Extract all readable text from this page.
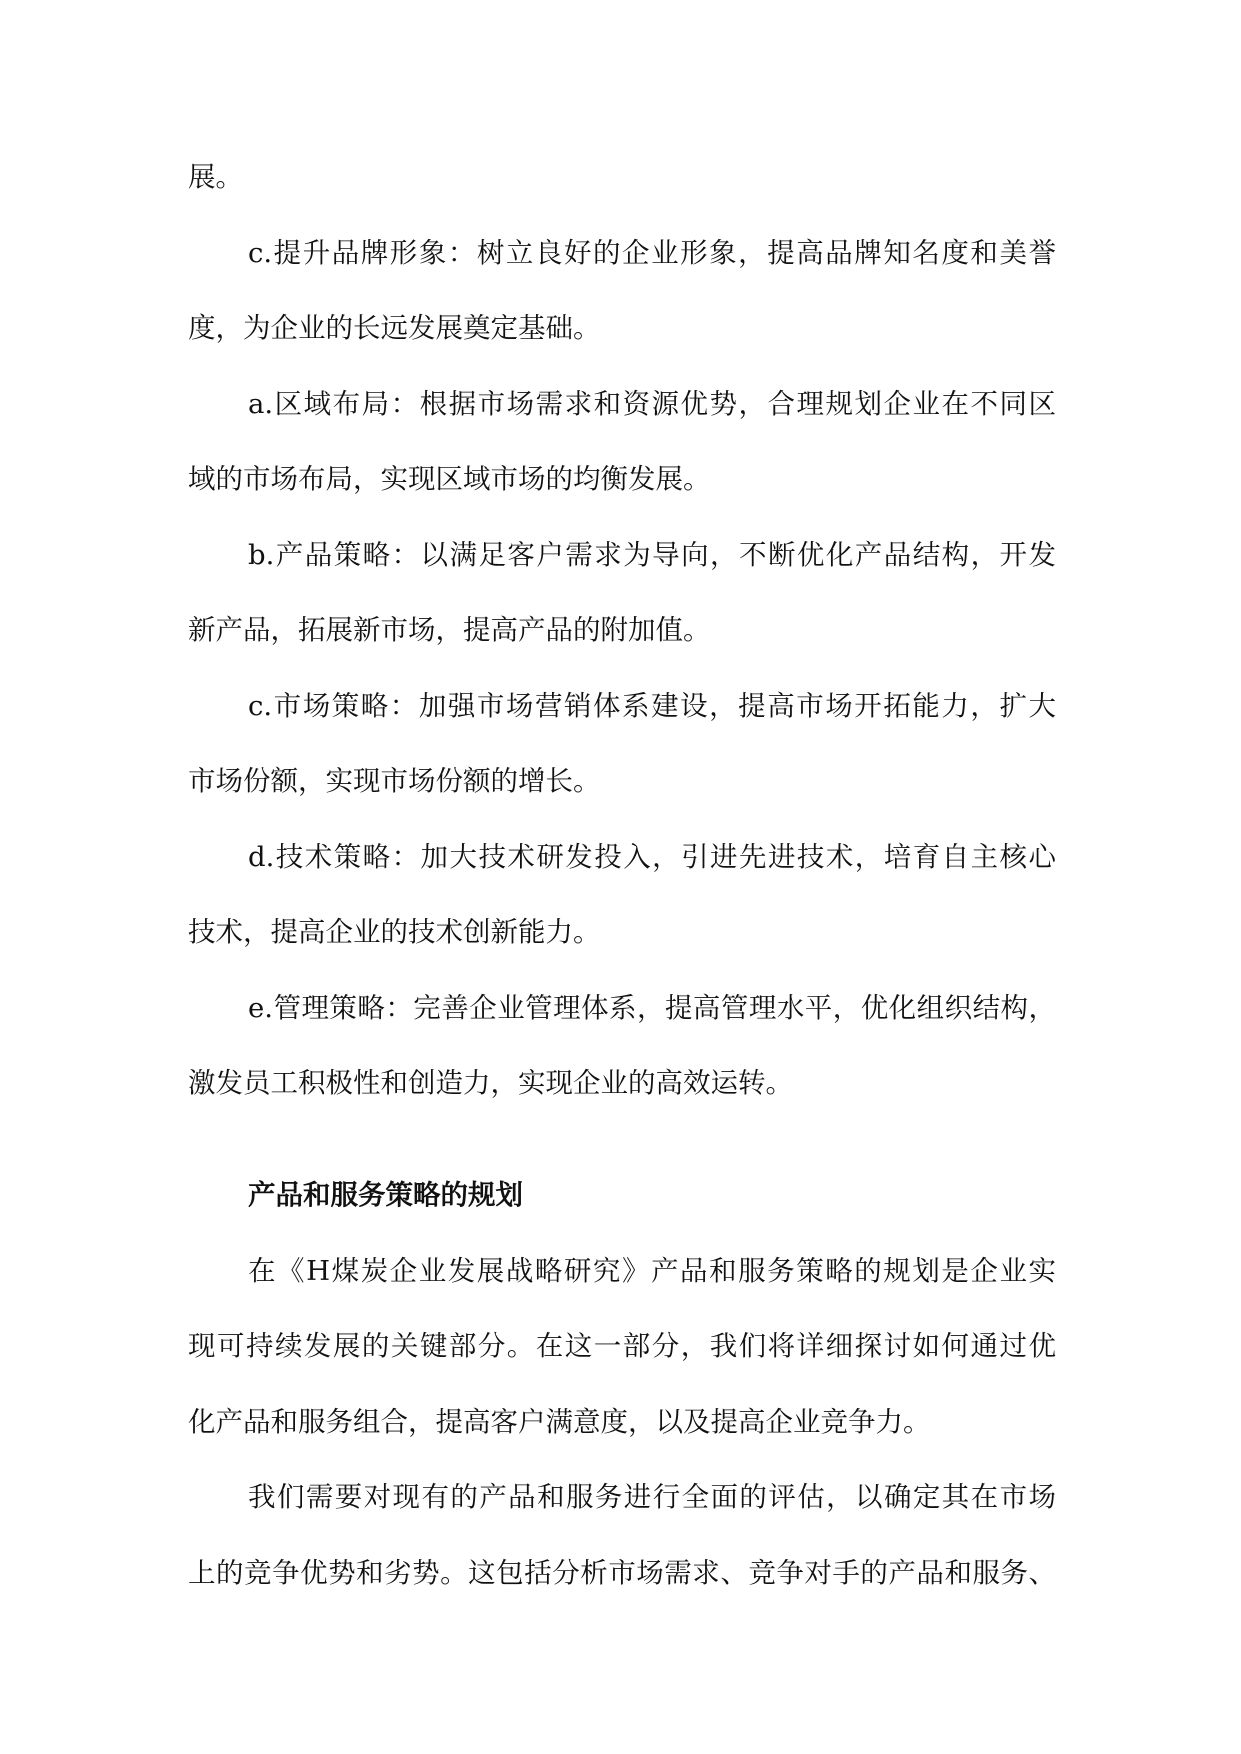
展。
c.提升品牌形象：树立良好的企业形象，提高品牌知名度和美誉
度，为企业的长远发展奠定基础。
a.区域布局：根据市场需求和资源优势，合理规划企业在不同区
域的市场布局，实现区域市场的均衡发展。
b.产品策略：以满足客户需求为导向，不断优化产品结构，开发
新产品，拓展新市场，提高产品的附加值。
c.市场策略：加强市场营销体系建设，提高市场开拓能力，扩大
市场份额，实现市场份额的增长。
d.技术策略：加大技术研发投入，引进先进技术，培育自主核心
技术，提高企业的技术创新能力。
e.管理策略：完善企业管理体系，提高管理水平，优化组织结构，
激发员工积极性和创造力，实现企业的高效运转。
产品和服务策略的规划
在《H煤炭企业发展战略研究》产品和服务策略的规划是企业实
现可持续发展的关键部分。在这一部分，我们将详细探讨如何通过优
化产品和服务组合，提高客户满意度，以及提高企业竞争力。
我们需要对现有的产品和服务进行全面的评估，以确定其在市场
上的竞争优势和劣势。这包括分析市场需求、竞争对手的产品和服务、
